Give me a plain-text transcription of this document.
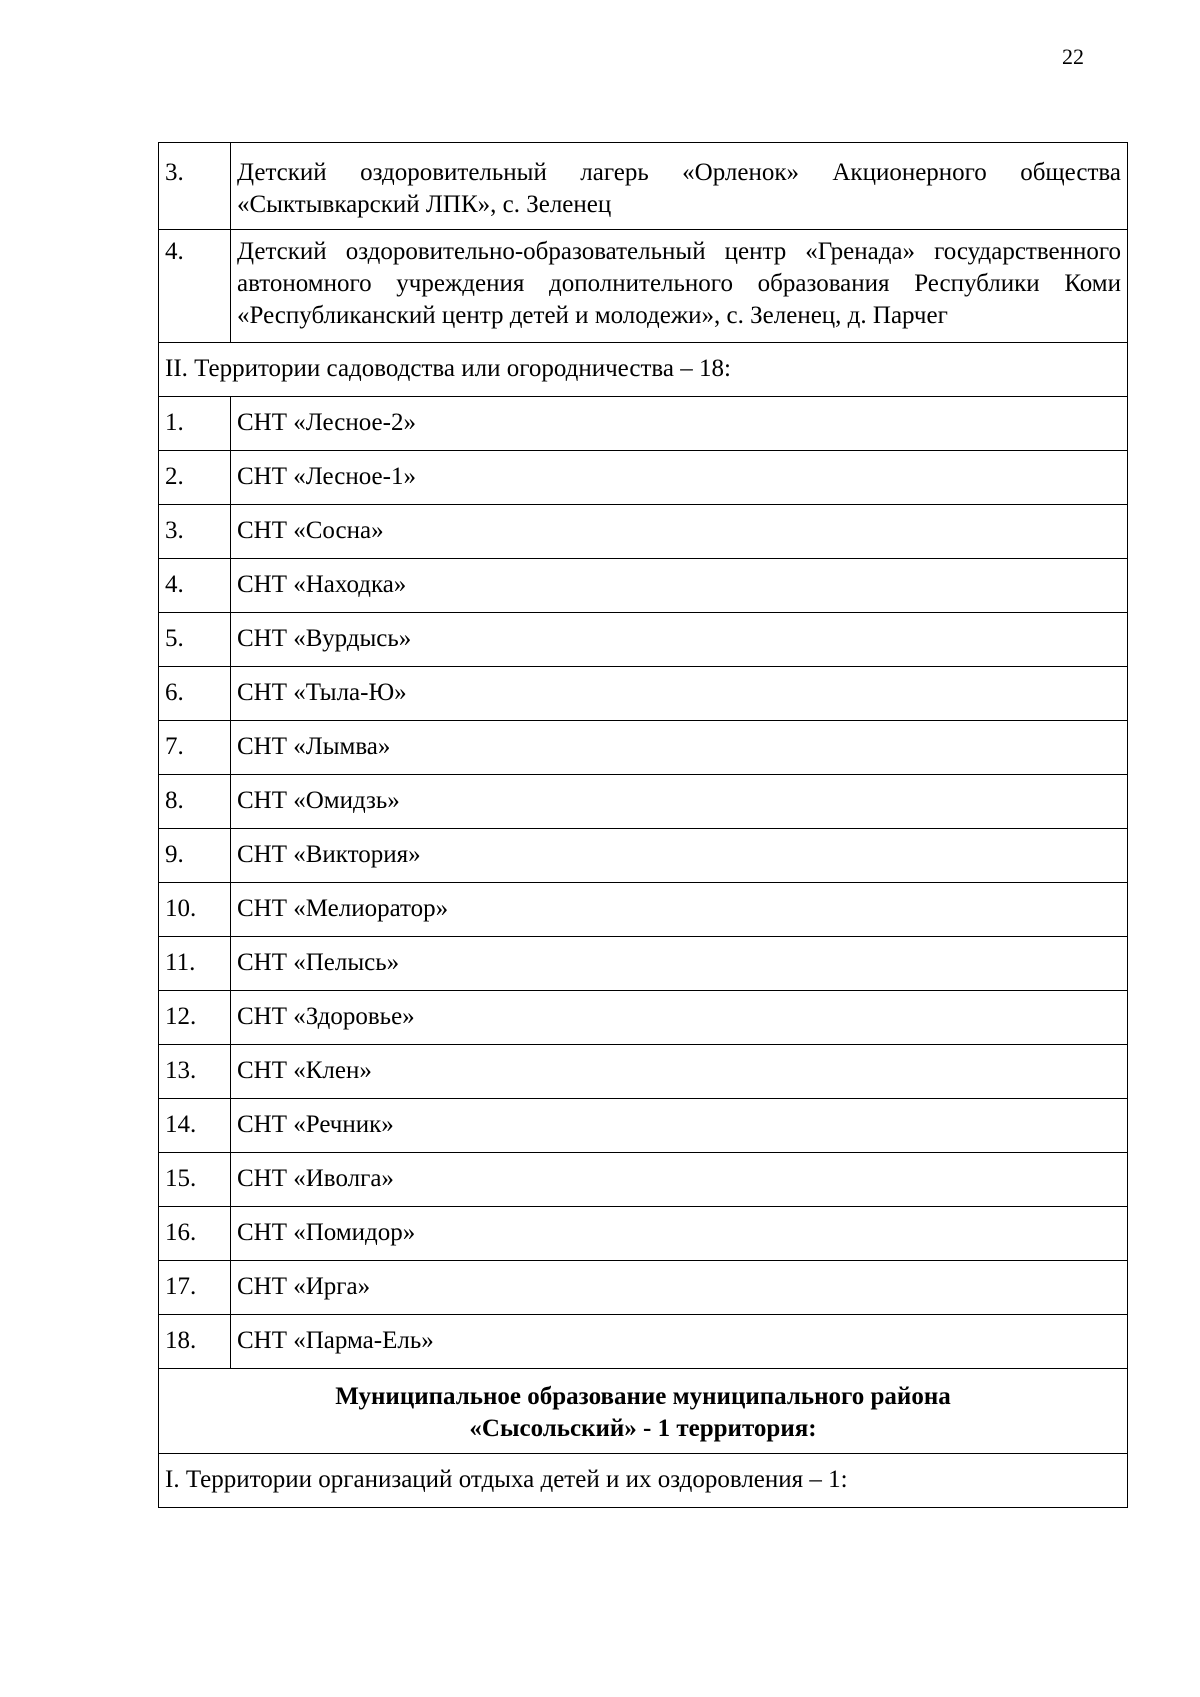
22
3.	Детский оздоровительный лагерь «Орленок» Акционерного общества «Сыктывкарский ЛПК», с. Зеленец
4.	Детский оздоровительно-образовательный центр «Гренада» государственного автономного учреждения дополнительного образования Республики Коми «Республиканский центр детей и молодежи», с. Зеленец, д. Парчег
II. Территории садоводства или огородничества – 18:	
1.	СНТ «Лесное-2»
2.	СНТ «Лесное-1»
3.	СНТ «Сосна»
4.	СНТ «Находка»
5.	СНТ «Вурдысь»
6.	СНТ «Тыла-Ю»
7.	СНТ «Лымва»
8.	СНТ «Омидзь»
9.	СНТ «Виктория»
10.	СНТ «Мелиоратор»
11.	СНТ «Пелысь»
12.	СНТ «Здоровье»
13.	СНТ «Клен»
14.	СНТ «Речник»
15.	СНТ «Иволга»
16.	СНТ «Помидор»
17.	СНТ «Ирга»
18.	СНТ «Парма-Ель»
Муниципальное образование муниципального района
«Сысольский» - 1 территория:	
I. Территории организаций отдыха детей и их оздоровления – 1:	
